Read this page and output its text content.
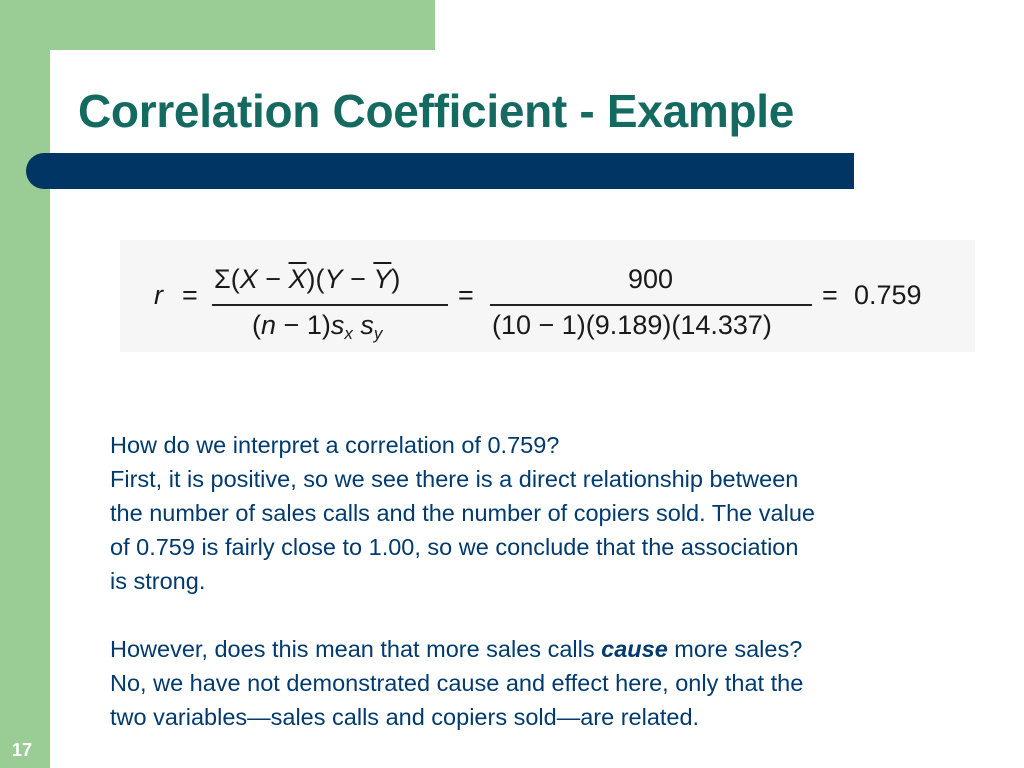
Correlation Coefficient - Example
r =
$\Sigma(X - \overline{X})(Y - \overline{Y})$
$(n - 1)s_x$ $s_y$
=
900
(10 − 1)(9.189)(14.337)
= 0.759

How do we interpret a correlation of 0.759?

First, it is positive, so we see there is a direct relationship between

the number of sales calls and the number of copiers sold. The value

of 0.759 is fairly close to 1.00, so we conclude that the association

is strong.

However, does this mean that more sales calls cause more sales?

No, we have not demonstrated cause and effect here, only that the

two variables—sales calls and copiers sold—are related.

17
